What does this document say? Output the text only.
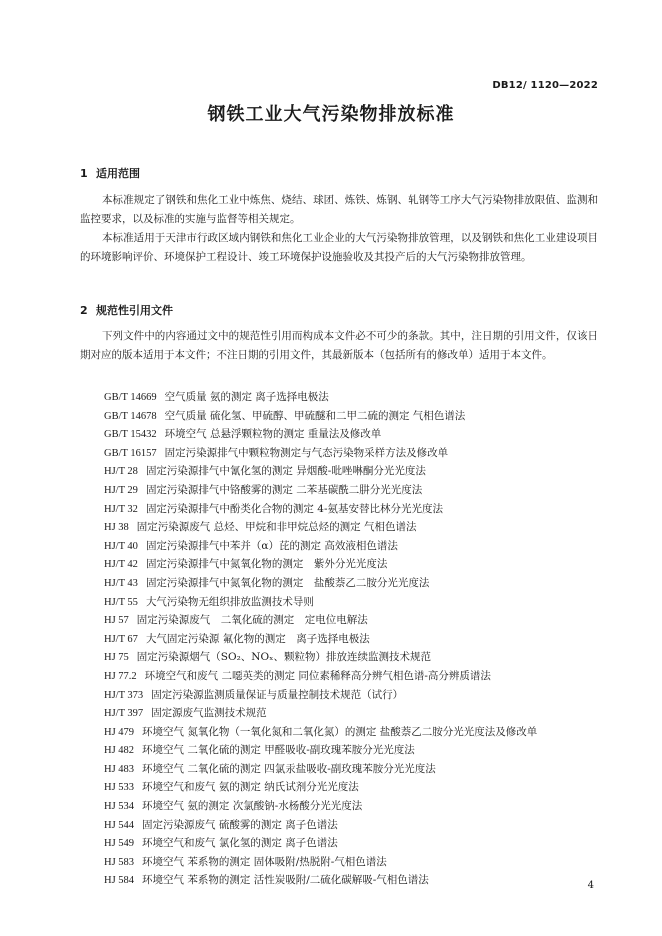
DB12/ 1120—2022
钢铁工业大气污染物排放标准
1 适用范围

本标准规定了钢铁和焦化工业中炼焦、烧结、球团、炼铁、炼钢、轧钢等工序大气污染物排放限值、监测和监控要求，以及标准的实施与监督等相关规定。

本标准适用于天津市行政区域内钢铁和焦化工业企业的大气污染物排放管理，以及钢铁和焦化工业建设项目的环境影响评价、环境保护工程设计、竣工环境保护设施验收及其投产后的大气污染物排放管理。

2 规范性引用文件

下列文件中的内容通过文中的规范性引用而构成本文件必不可少的条款。其中，注日期的引用文件，仅该日期对应的版本适用于本文件；不注日期的引用文件，其最新版本（包括所有的修改单）适用于本文件。

GB/T 14669 空气质量 氨的测定 离子选择电极法
GB/T 14678 空气质量 硫化氢、甲硫醇、甲硫醚和二甲二硫的测定 气相色谱法
GB/T 15432 环境空气 总悬浮颗粒物的测定 重量法及修改单
GB/T 16157 固定污染源排气中颗粒物测定与气态污染物采样方法及修改单
HJ/T 28 固定污染源排气中氰化氢的测定 异烟酸-吡唑啉酮分光光度法
HJ/T 29 固定污染源排气中铬酸雾的测定 二苯基碳酰二肼分光光度法
HJ/T 32 固定污染源排气中酚类化合物的测定 4-氨基安替比林分光光度法
HJ 38 固定污染源废气 总烃、甲烷和非甲烷总烃的测定 气相色谱法
HJ/T 40 固定污染源排气中苯并（α）芘的测定 高效液相色谱法
HJ/T 42 固定污染源排气中氮氧化物的测定　紫外分光光度法
HJ/T 43 固定污染源排气中氮氧化物的测定　盐酸萘乙二胺分光光度法
HJ/T 55 大气污染物无组织排放监测技术导则
HJ 57 固定污染源废气　二氧化硫的测定　定电位电解法
HJ/T 67 大气固定污染源 氟化物的测定　离子选择电极法
HJ 75 固定污染源烟气（SO₂、NOₓ、颗粒物）排放连续监测技术规范
HJ 77.2 环境空气和废气 二噁英类的测定 同位素稀释高分辨气相色谱-高分辨质谱法
HJ/T 373 固定污染源监测质量保证与质量控制技术规范（试行）
HJ/T 397 固定源废气监测技术规范
HJ 479 环境空气 氮氧化物（一氧化氮和二氧化氮）的测定 盐酸萘乙二胺分光光度法及修改单
HJ 482 环境空气 二氧化硫的测定 甲醛吸收-副玫瑰苯胺分光光度法
HJ 483 环境空气 二氧化硫的测定 四氯汞盐吸收-副玫瑰苯胺分光光度法
HJ 533 环境空气和废气 氨的测定 纳氏试剂分光光度法
HJ 534 环境空气 氨的测定 次氯酸钠-水杨酸分光光度法
HJ 544 固定污染源废气 硫酸雾的测定 离子色谱法
HJ 549 环境空气和废气 氯化氢的测定 离子色谱法
HJ 583 环境空气 苯系物的测定 固体吸附/热脱附-气相色谱法
HJ 584 环境空气 苯系物的测定 活性炭吸附/二硫化碳解吸-气相色谱法	4
